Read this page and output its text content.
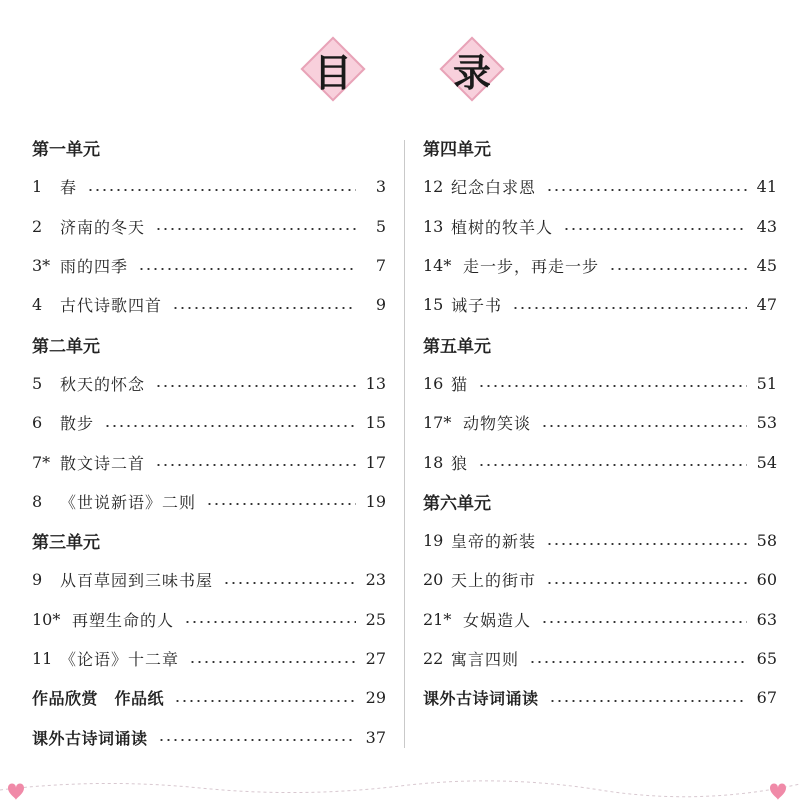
目	录
第一单元
1	春	3
2	济南的冬天	5
3* 雨的四季	7
4	古代诗歌四首	9
第二单元
5	秋天的怀念	13
6	散步	15
7* 散文诗二首	17
8	《世说新语》二则	19
第三单元
9	从百草园到三味书屋	23
10* 再塑生命的人	25
11 《论语》十二章	27
作品欣赏　作品纸	29
课外古诗词诵读	37
第四单元
12 纪念白求恩	41
13 植树的牧羊人	43
14* 走一步，再走一步	45
15 诫子书	47
第五单元
16 猫	51
17* 动物笑谈	53
18 狼	54
第六单元
19 皇帝的新装	58
20 天上的街市	60
21* 女娲造人	63
22 寓言四则	65
课外古诗词诵读	67
